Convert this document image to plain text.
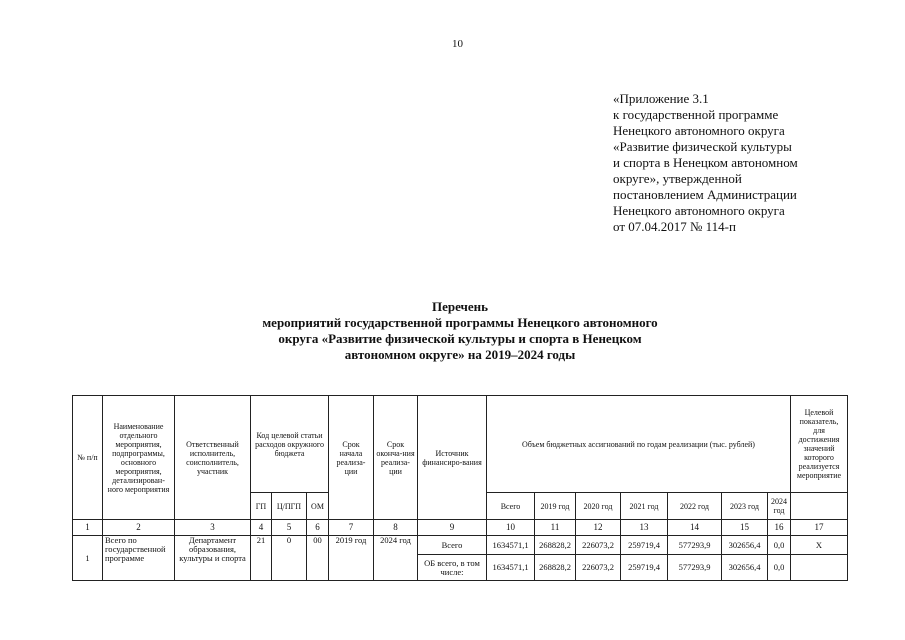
10
«Приложение 3.1
к государственной программе
Ненецкого автономного округа
«Развитие физической культуры
и спорта в Ненецком автономном
округе», утвержденной
постановлением Администрации
Ненецкого автономного округа
от 07.04.2017 № 114-п
Перечень
мероприятий государственной программы Ненецкого автономного
округа «Развитие физической культуры и спорта в Ненецком
автономном округе» на 2019–2024 годы
№ п/п	Наименование отдельного мероприятия, подпрограммы, основного мероприятия, детализирован-ного мероприятия	Ответственный исполнитель, соисполнитель, участник	Код целевой статьи расходов окружного бюджета			Срок начала реализа-ции	Срок оконча-ния реализа-ции	Источник финансиро-вания	Объем бюджетных ассигнований по годам реализации (тыс. рублей)							Целевой показатель, для достижения значений которого реализуется мероприятие
			ГП	Ц/ПГП	ОМ				Всего	2019 год	2020 год	2021 год	2022 год	2023 год	2024 год	
1	2	3	4	5	6	7	8	9	10	11	12	13	14	15	16	17
1	Всего по государственной программе	Департамент образования, культуры и спорта	21	0	00	2019 год	2024 год	Всего	1634571,1	268828,2	226073,2	259719,4	577293,9	302656,4	0,0	X
								ОБ всего, в том числе:	1634571,1	268828,2	226073,2	259719,4	577293,9	302656,4	0,0	
